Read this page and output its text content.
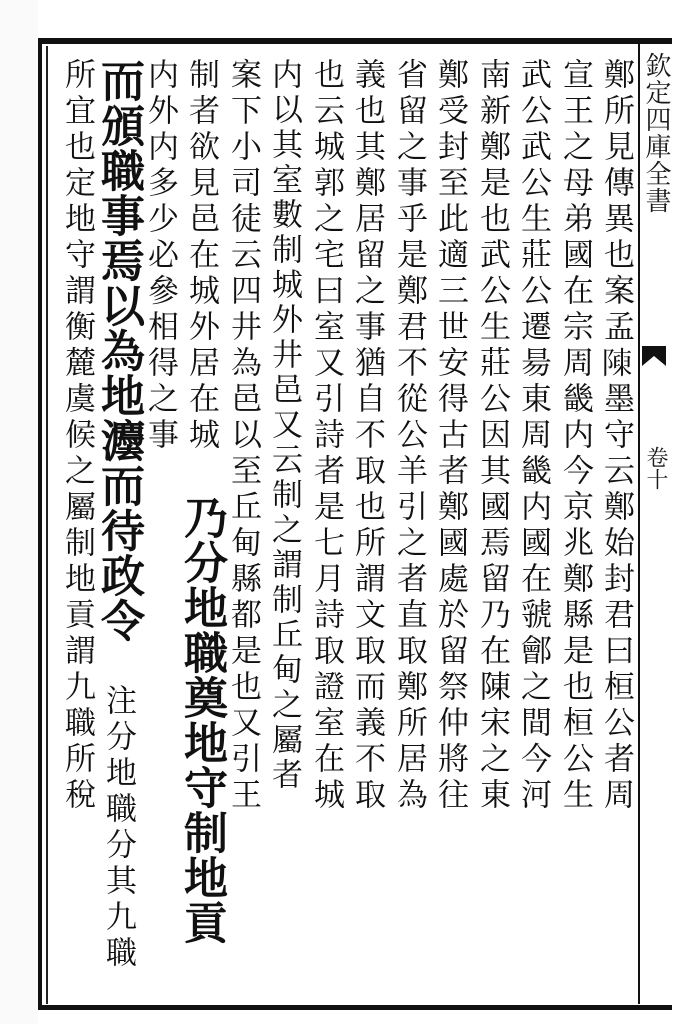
欽定四庫全書
卷十
鄭所見傳異也案孟𨻰墨守云鄭始封君曰桓公者周
宣王之母弟國在宗周畿内今京兆鄭縣是也桓公生
武公武公生莊公遷昜東周畿内國在虢鄶之間今河
南新鄭是也武公生莊公因其國焉留乃在陳宋之東
鄭受封至此適三世安得古者鄭國處於留祭仲將往
省留之事乎是鄭君不從公羊引之者直取鄭所居為
義也其鄭居留之事猶自不取也所謂文取而義不取
也云城郭之宅曰室又引詩者是七月詩取證室在城
内以其室數制城外井邑又云制之謂制丘甸之屬者
案下小司徒云四井為邑以至丘甸縣都是也又引王
制者欲見邑在城外居在城 乃分地職奠地守制地貢
内外内多少必參相得之事
而頒職事焉以為地灋而待政令 注分地職分其九職
所宜也定地守謂衡麓虞候之屬制地貢謂九職所稅
